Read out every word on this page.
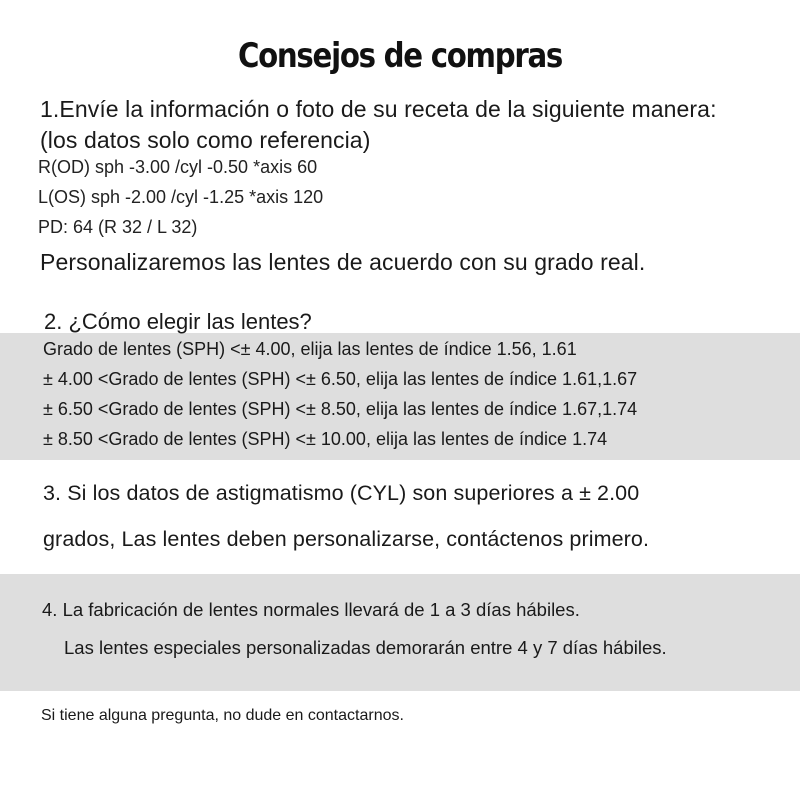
Consejos de compras
1.Envíe la información o foto de su receta de la siguiente manera:
(los datos solo como referencia)
R(OD) sph -3.00 /cyl -0.50 *axis 60
L(OS) sph -2.00 /cyl -1.25 *axis 120
PD: 64 (R 32 / L 32)
Personalizaremos las lentes de acuerdo con su grado real.
2. ¿Cómo elegir las lentes?
Grado de lentes (SPH) <± 4.00, elija las lentes de índice 1.56, 1.61
± 4.00 <Grado de lentes (SPH) <± 6.50, elija las lentes de índice 1.61,1.67
± 6.50 <Grado de lentes (SPH) <± 8.50, elija las lentes de índice 1.67,1.74
± 8.50 <Grado de lentes (SPH) <± 10.00, elija las lentes de índice 1.74
3. Si los datos de astigmatismo (CYL) son superiores a ± 2.00
grados, Las lentes deben personalizarse, contáctenos primero.
4. La fabricación de lentes normales llevará de 1 a 3 días hábiles.
Las lentes especiales personalizadas demorarán entre 4 y 7 días hábiles.
Si tiene alguna pregunta, no dude en contactarnos.
